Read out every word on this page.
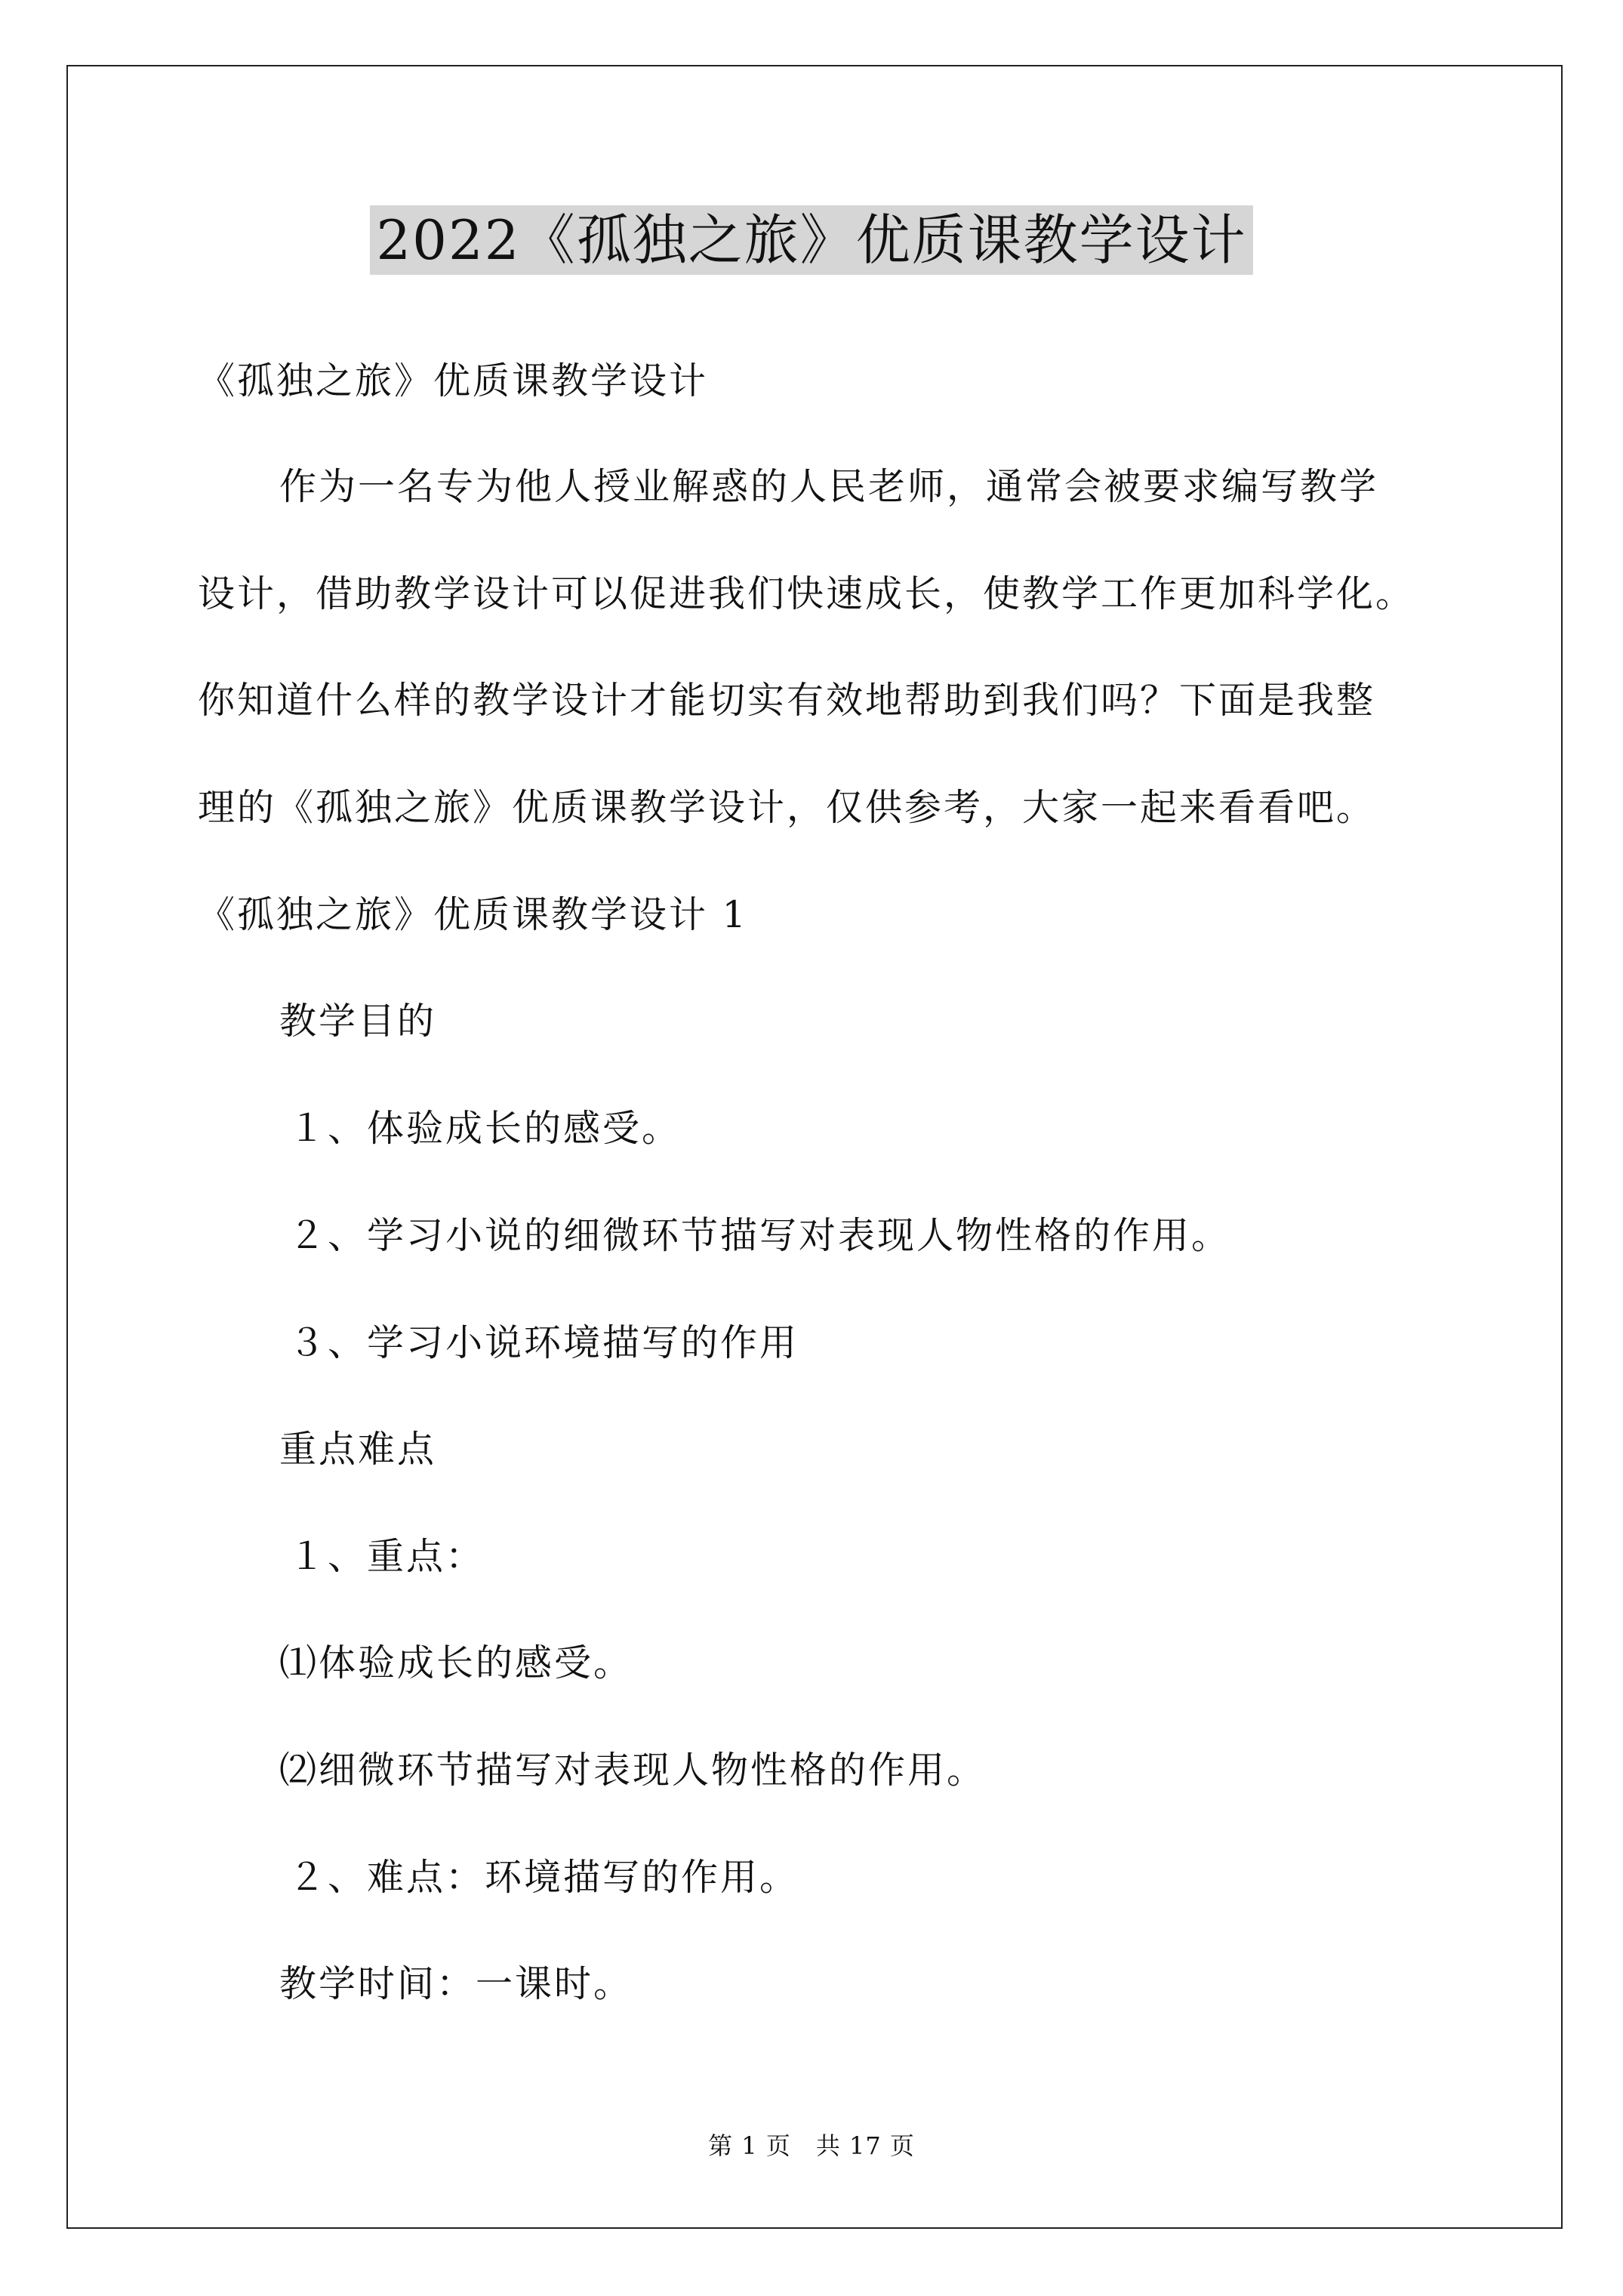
2022《孤独之旅》优质课教学设计
《孤独之旅》优质课教学设计
作为一名专为他人授业解惑的人民老师，通常会被要求编写教学
设计，借助教学设计可以促进我们快速成长，使教学工作更加科学化。
你知道什么样的教学设计才能切实有效地帮助到我们吗？下面是我整
理的《孤独之旅》优质课教学设计，仅供参考，大家一起来看看吧。
《孤独之旅》优质课教学设计 1
教学目的
１、体验成长的感受。
２、学习小说的细微环节描写对表现人物性格的作用。
３、学习小说环境描写的作用
重点难点
１、重点：
⑴体验成长的感受。
⑵细微环节描写对表现人物性格的作用。
２、难点：环境描写的作用。
教学时间：一课时。
第 1 页　共 17 页
